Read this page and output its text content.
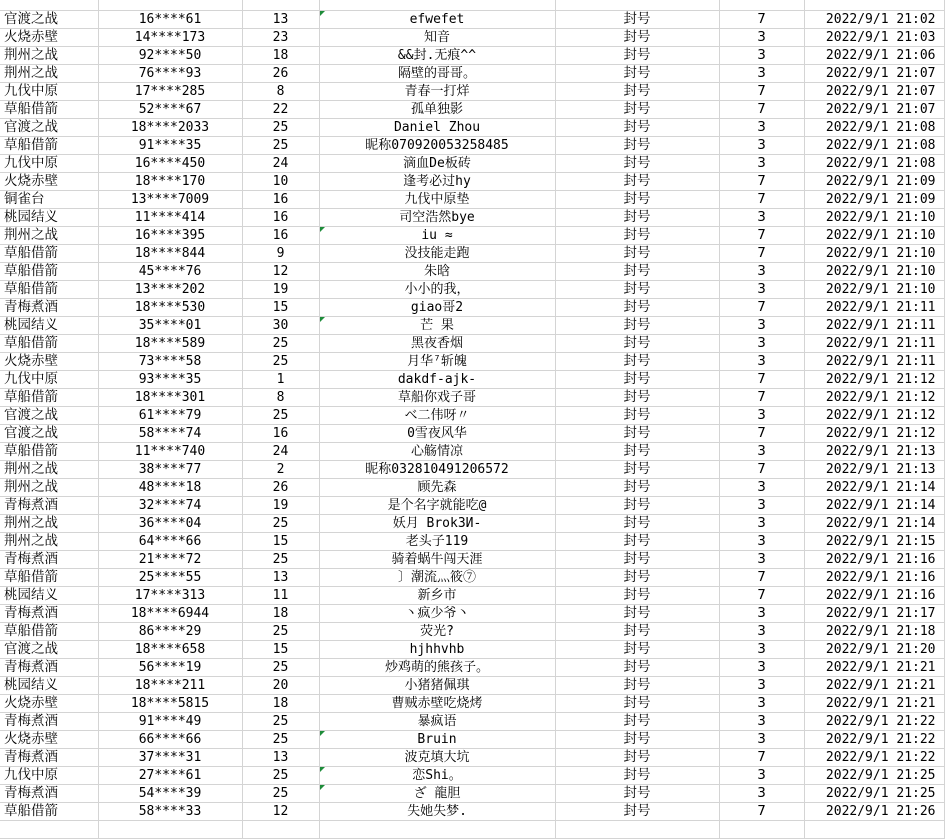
官渡之战	16****61	13	efwefet	封号	7	2022/9/1 21:02
火烧赤壁	14****173	23	知音	封号	3	2022/9/1 21:03
荆州之战	92****50	18	&&封.无痕^^	封号	3	2022/9/1 21:06
荆州之战	76****93	26	隔壁的哥哥。	封号	3	2022/9/1 21:07
九伐中原	17****285	8	青春一打烊	封号	7	2022/9/1 21:07
草船借箭	52****67	22	孤单独影	封号	7	2022/9/1 21:07
官渡之战	18****2033	25	Daniel Zhou	封号	3	2022/9/1 21:08
草船借箭	91****35	25	昵称070920053258485	封号	3	2022/9/1 21:08
九伐中原	16****450	24	滴血De板砖	封号	3	2022/9/1 21:08
火烧赤壁	18****170	10	逢考必过hy	封号	7	2022/9/1 21:09
铜雀台	13****7009	16	九伐中原垫	封号	7	2022/9/1 21:09
桃园结义	11****414	16	司空浩然bye	封号	3	2022/9/1 21:10
荆州之战	16****395	16	iu ≈	封号	7	2022/9/1 21:10
草船借箭	18****844	9	没技能走跑	封号	7	2022/9/1 21:10
草船借箭	45****76	12	朱晗	封号	3	2022/9/1 21:10
草船借箭	13****202	19	小小的我，	封号	3	2022/9/1 21:10
青梅煮酒	18****530	15	giao哥2	封号	7	2022/9/1 21:11
桃园结义	35****01	30	芒 果	封号	3	2022/9/1 21:11
草船借箭	18****589	25	黑夜香烟	封号	3	2022/9/1 21:11
火烧赤壁	73****58	25	月华⁷斩魄	封号	3	2022/9/1 21:11
九伐中原	93****35	1	dakdf-ajk-	封号	7	2022/9/1 21:12
草船借箭	18****301	8	草船你戏子哥	封号	7	2022/9/1 21:12
官渡之战	61****79	25	ベ二伟呀〃	封号	3	2022/9/1 21:12
官渡之战	58****74	16	0雪夜风华	封号	7	2022/9/1 21:12
草船借箭	11****740	24	心觞情凉	封号	3	2022/9/1 21:13
荆州之战	38****77	2	昵称032810491206572	封号	7	2022/9/1 21:13
荆州之战	48****18	26	顾先森	封号	3	2022/9/1 21:14
青梅煮酒	32****74	19	是个名字就能吃@	封号	3	2022/9/1 21:14
荆州之战	36****04	25	妖月 Brok3И-	封号	3	2022/9/1 21:14
荆州之战	64****66	15	老头子119	封号	3	2022/9/1 21:15
青梅煮酒	21****72	25	骑着蜗牛闯天涯	封号	3	2022/9/1 21:16
草船借箭	25****55	13	〕潮流灬筱⑦	封号	7	2022/9/1 21:16
桃园结义	17****313	11	新乡市	封号	7	2022/9/1 21:16
青梅煮酒	18****6944	18	丶疯少爷丶	封号	3	2022/9/1 21:17
草船借箭	86****29	25	荧光?	封号	3	2022/9/1 21:18
官渡之战	18****658	15	hjhhvhb	封号	3	2022/9/1 21:20
青梅煮酒	56****19	25	炒鸡萌的熊孩子。	封号	3	2022/9/1 21:21
桃园结义	18****211	20	小猪猪佩琪	封号	3	2022/9/1 21:21
火烧赤壁	18****5815	18	曹贼赤壁吃烧烤	封号	3	2022/9/1 21:21
青梅煮酒	91****49	25	暴疯语	封号	3	2022/9/1 21:22
火烧赤壁	66****66	25	Bruin	封号	3	2022/9/1 21:22
青梅煮酒	37****31	13	波克填大坑	封号	7	2022/9/1 21:22
九伐中原	27****61	25	恋Shi。	封号	3	2022/9/1 21:25
青梅煮酒	54****39	25	ざ 龍胆	封号	3	2022/9/1 21:25
草船借箭	58****33	12	失她失梦.	封号	7	2022/9/1 21:26
